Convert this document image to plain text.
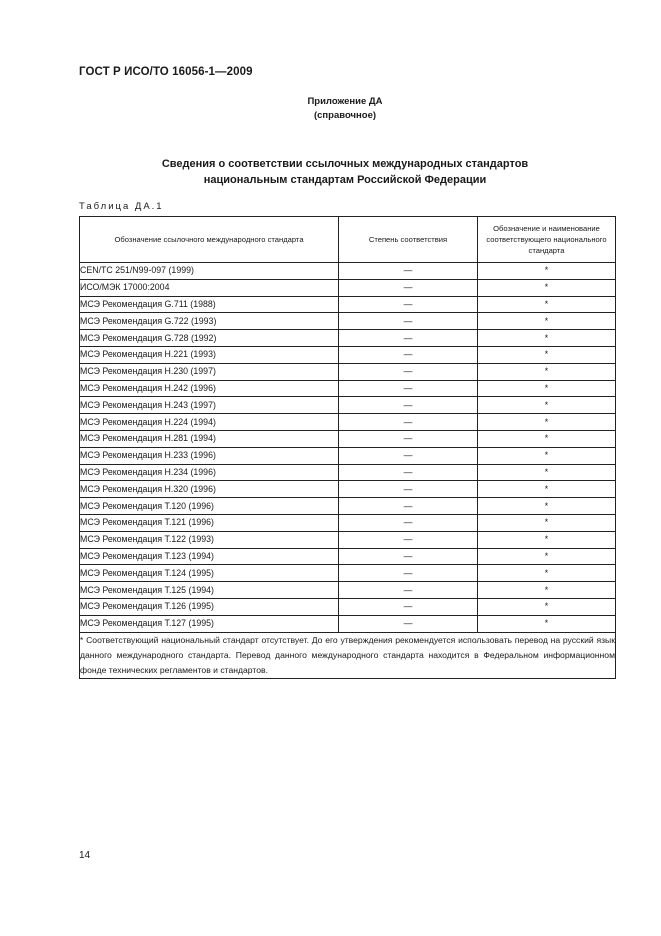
ГОСТ Р ИСО/ТО 16056-1—2009
Приложение ДА
(справочное)
Сведения о соответствии ссылочных международных стандартов
национальным стандартам Российской Федерации
Таблица ДА.1
Обозначение ссылочного международного стандарта	Степень соответствия	Обозначение и наименование соответствующего национального стандарта
CEN/TC 251/N99-097 (1999)	—	*
ИСО/МЭК 17000:2004	—	*
МСЭ Рекомендация G.711 (1988)	—	*
МСЭ Рекомендация G.722 (1993)	—	*
МСЭ Рекомендация G.728 (1992)	—	*
МСЭ Рекомендация H.221 (1993)	—	*
МСЭ Рекомендация H.230 (1997)	—	*
МСЭ Рекомендация H.242 (1996)	—	*
МСЭ Рекомендация H.243 (1997)	—	*
МСЭ Рекомендация H.224 (1994)	—	*
МСЭ Рекомендация H.281 (1994)	—	*
МСЭ Рекомендация H.233 (1996)	—	*
МСЭ Рекомендация H.234 (1996)	—	*
МСЭ Рекомендация H.320 (1996)	—	*
МСЭ Рекомендация T.120 (1996)	—	*
МСЭ Рекомендация T.121 (1996)	—	*
МСЭ Рекомендация T.122 (1993)	—	*
МСЭ Рекомендация T.123 (1994)	—	*
МСЭ Рекомендация T.124 (1995)	—	*
МСЭ Рекомендация T.125 (1994)	—	*
МСЭ Рекомендация T.126 (1995)	—	*
МСЭ Рекомендация T.127 (1995)	—	*
* Соответствующий национальный стандарт отсутствует. До его утверждения рекомендуется использовать перевод на русский язык данного международного стандарта. Перевод данного международного стандарта находится в Федеральном информационном фонде технических регламентов и стандартов.		
14
